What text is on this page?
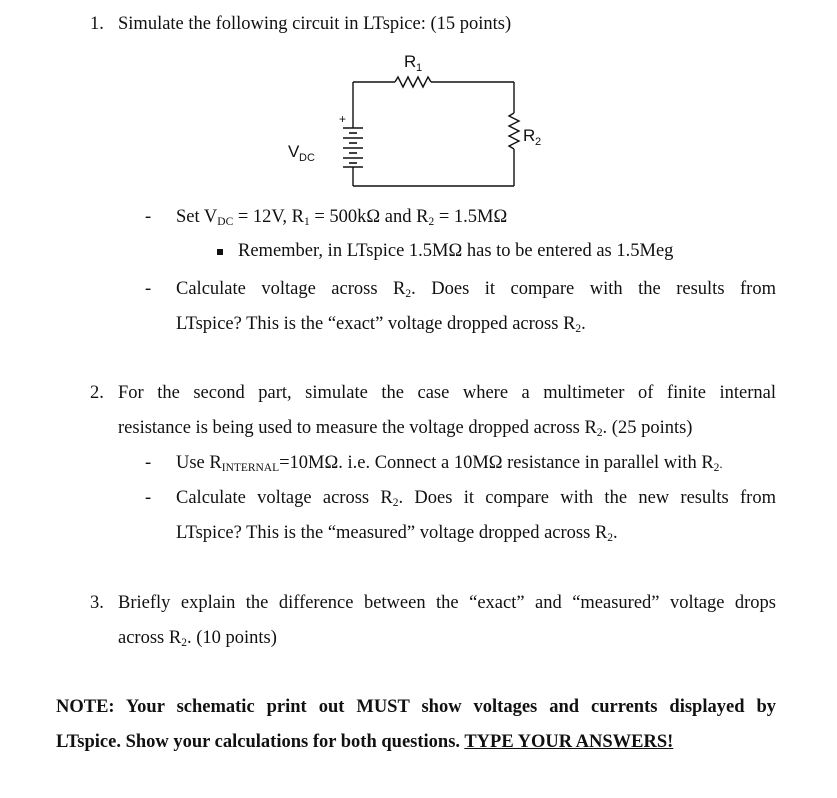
1. Simulate the following circuit in LTspice: (15 points)
+
R 1
R 2
V DC
- Set $V_{DC} = 12V$, $R_1 = 500k\Omega$ and $R_2 = 1.5M\Omega$
Remember, in LTspice 1.5MΩ has to be entered as 1.5Meg
- Calculate voltage across $R_2$. Does it compare with the results from
LTspice? This is the “exact” voltage dropped across $R_2$.
2. For the second part, simulate the case where a multimeter of finite internal
resistance is being used to measure the voltage dropped across $R_2$. (25 points)
- Use $R_{INTERNAL}=10M\Omega$. i.e. Connect a 10MΩ resistance in parallel with $R_2$.
- Calculate voltage across $R_2$. Does it compare with the new results from
LTspice? This is the “measured” voltage dropped across $R_2$.
3. Briefly explain the difference between the “exact” and “measured” voltage drops
across $R_2$. (10 points)
NOTE: Your schematic print out MUST show voltages and currents displayed by
LTspice. Show your calculations for both questions. TYPE YOUR ANSWERS!
